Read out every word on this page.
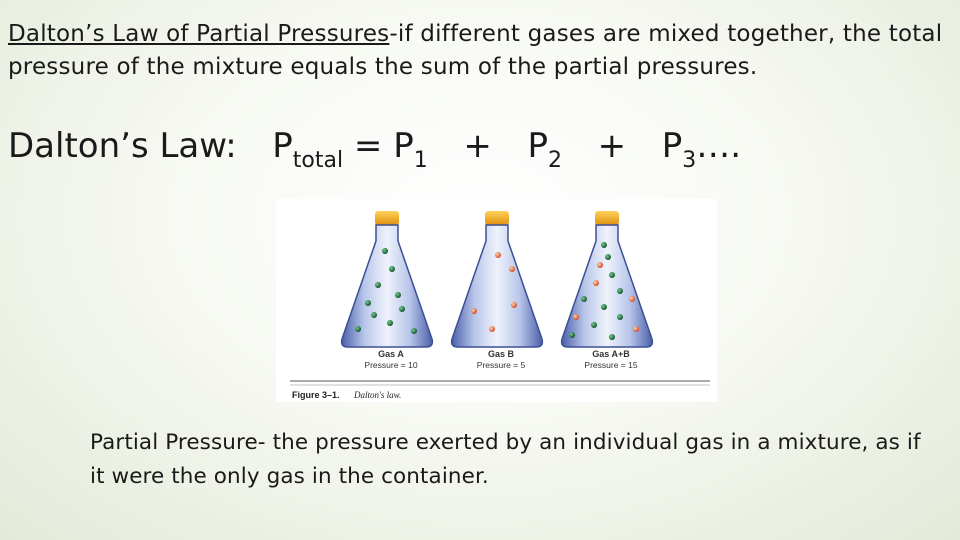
Dalton’s Law of Partial Pressures-if different gases are mixed together, the total pressure of the mixture equals the sum of the partial pressures.
Dalton’s Law: $P_{total} = P_1 + P_2$ + $P_3\dots$.
Gas A
Pressure = 10
Gas B
Pressure = 5
Gas A+B
Pressure = 15
Figure 3–1. Dalton's law.
Partial Pressure- the pressure exerted by an individual gas in a mixture, as if it were the only gas in the container.
